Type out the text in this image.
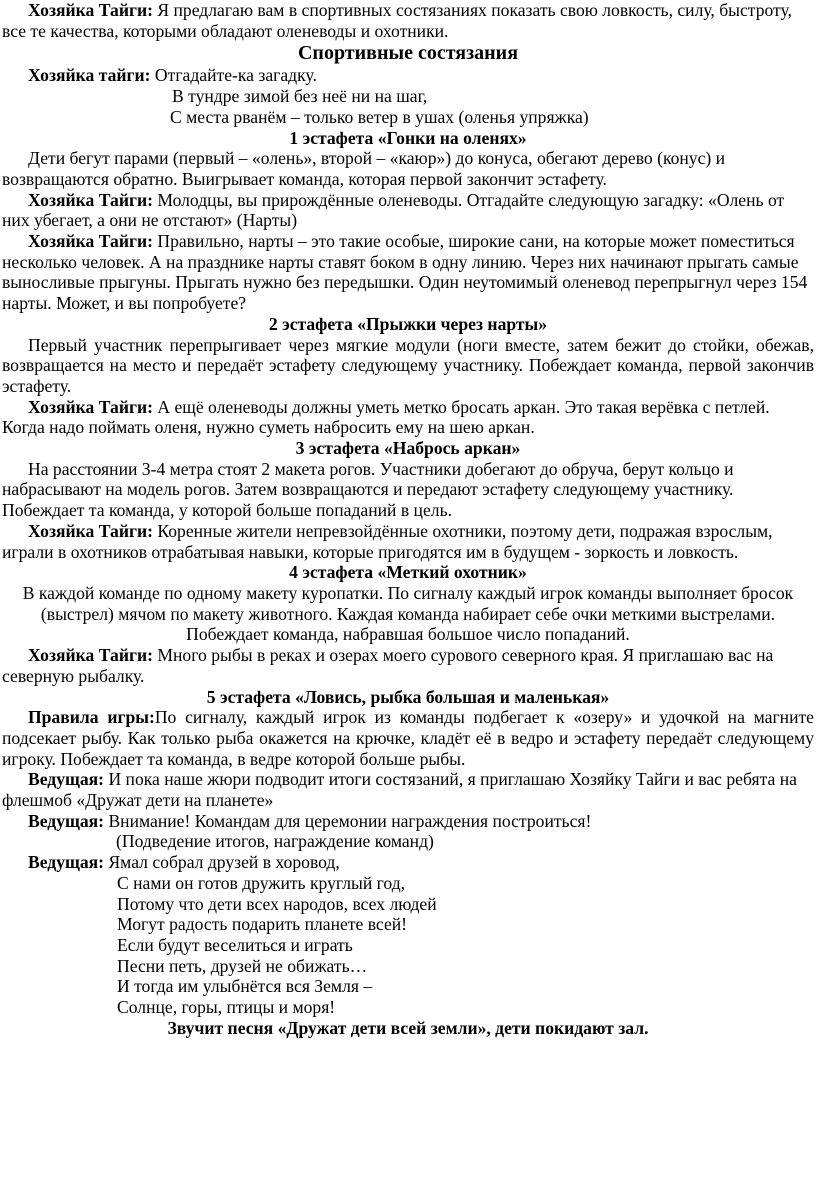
Хозяйка Тайги: Я предлагаю вам в спортивных состязаниях показать свою ловкость, силу, быстроту, все те качества, которыми обладают оленеводы и охотники.

Спортивные состязания

Хозяйка тайги: Отгадайте-ка загадку.

В тундре зимой без неё ни на шаг,

С места рванём – только ветер в ушах (оленья упряжка)

1 эстафета «Гонки на оленях»

Дети бегут парами (первый – «олень», второй – «каюр») до конуса, обегают дерево (конус) и возвращаются обратно. Выигрывает команда, которая первой закончит эстафету.

Хозяйка Тайги: Молодцы, вы прирождённые оленеводы. Отгадайте следующую загадку: «Олень от них убегает, а они не отстают» (Нарты)

Хозяйка Тайги: Правильно, нарты – это такие особые, широкие сани, на которые может поместиться несколько человек. А на празднике нарты ставят боком в одну линию. Через них начинают прыгать самые выносливые прыгуны. Прыгать нужно без передышки. Один неутомимый оленевод перепрыгнул через 154 нарты. Может, и вы попробуете?

2 эстафета «Прыжки через нарты»

Первый участник перепрыгивает через мягкие модули (ноги вместе, затем бежит до стойки, обежав, возвращается на место и передаёт эстафету следующему участнику. Побеждает команда, первой закончив эстафету.

Хозяйка Тайги: А ещё оленеводы должны уметь метко бросать аркан. Это такая верёвка с петлей. Когда надо поймать оленя, нужно суметь набросить ему на шею аркан.

3 эстафета «Набрось аркан»

На расстоянии 3-4 метра стоят 2 макета рогов. Участники добегают до обруча, берут кольцо и набрасывают на модель рогов. Затем возвращаются и передают эстафету следующему участнику. Побеждает та команда, у которой больше попаданий в цель.

Хозяйка Тайги: Коренные жители непревзойдённые охотники, поэтому дети, подражая взрослым, играли в охотников отрабатывая навыки, которые пригодятся им в будущем - зоркость и ловкость.

4 эстафета «Меткий охотник»

В каждой команде по одному макету куропатки. По сигналу каждый игрок команды выполняет бросок (выстрел) мячом по макету животного. Каждая команда набирает себе очки меткими выстрелами. Побеждает команда, набравшая большое число попаданий.

Хозяйка Тайги: Много рыбы в реках и озерах моего сурового северного края. Я приглашаю вас на северную рыбалку.

5 эстафета «Ловись, рыбка большая и маленькая»

Правила игры:По сигналу, каждый игрок из команды подбегает к «озеру» и удочкой на магните подсекает рыбу. Как только рыба окажется на крючке, кладёт её в ведро и эстафету передаёт следующему игроку. Побеждает та команда, в ведре которой больше рыбы.

Ведущая: И пока наше жюри подводит итоги состязаний, я приглашаю Хозяйку Тайги и вас ребята на флешмоб «Дружат дети на планете»

Ведущая: Внимание! Командам для церемонии награждения построиться!

(Подведение итогов, награждение команд)

Ведущая: Ямал собрал друзей в хоровод,

С нами он готов дружить круглый год,

Потому что дети всех народов, всех людей

Могут радость подарить планете всей!

Если будут веселиться и играть

Песни петь, друзей не обижать…

И тогда им улыбнётся вся Земля –

Солнце, горы, птицы и моря!

Звучит песня «Дружат дети всей земли», дети покидают зал.
